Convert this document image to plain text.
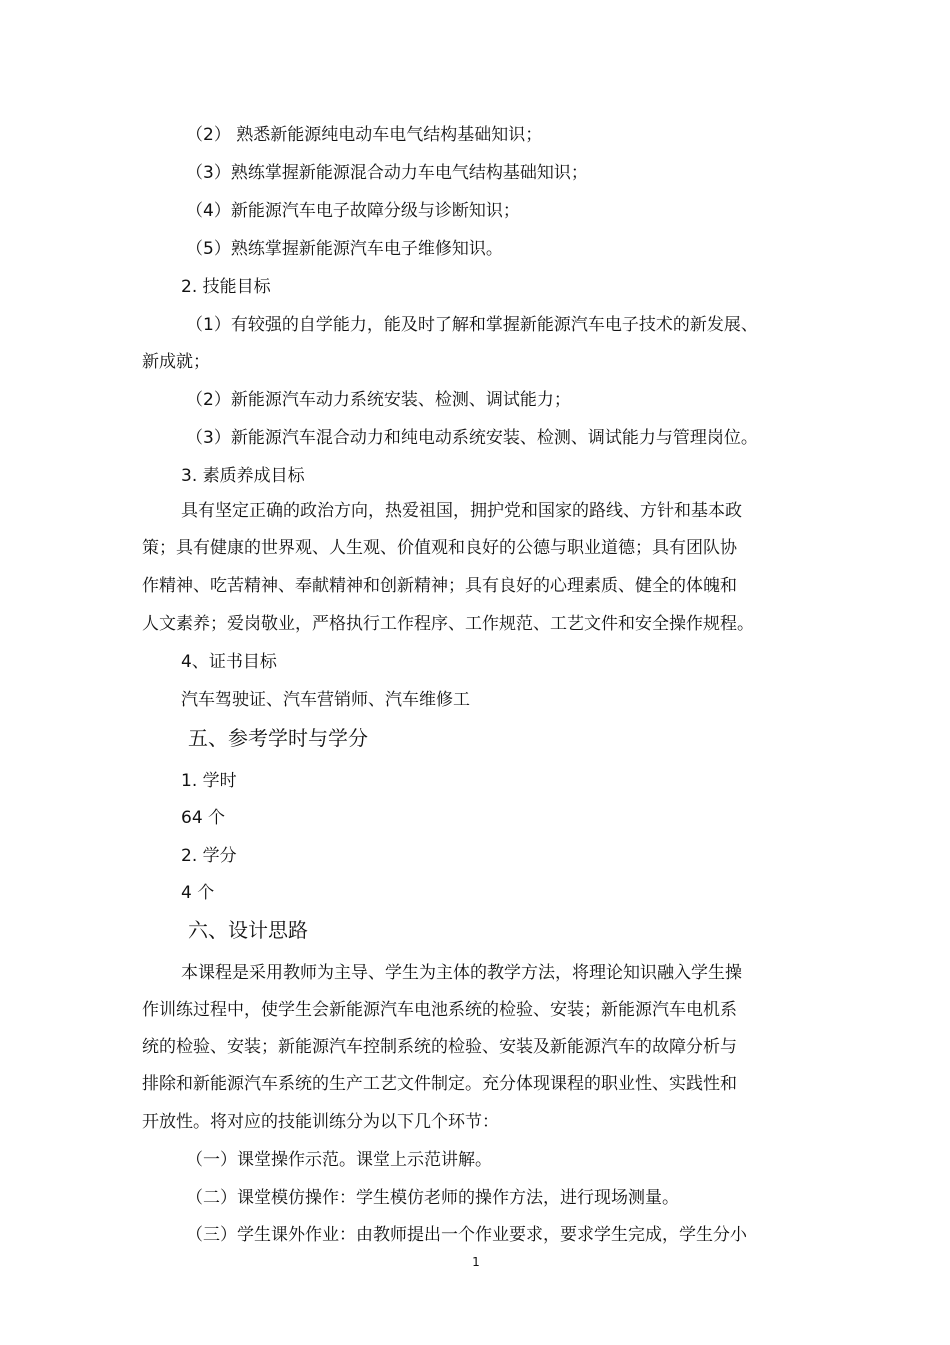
（2） 熟悉新能源纯电动车电气结构基础知识；

（3）熟练掌握新能源混合动力车电气结构基础知识；

（4）新能源汽车电子故障分级与诊断知识；

（5）熟练掌握新能源汽车电子维修知识。

2. 技能目标

（1）有较强的自学能力，能及时了解和掌握新能源汽车电子技术的新发展、

新成就；

（2）新能源汽车动力系统安装、检测、调试能力；

（3）新能源汽车混合动力和纯电动系统安装、检测、调试能力与管理岗位。

3. 素质养成目标

具有坚定正确的政治方向，热爱祖国，拥护党和国家的路线、方针和基本政

策；具有健康的世界观、人生观、价值观和良好的公德与职业道德；具有团队协

作精神、吃苦精神、奉献精神和创新精神；具有良好的心理素质、健全的体魄和

人文素养；爱岗敬业，严格执行工作程序、工作规范、工艺文件和安全操作规程。

4、证书目标

汽车驾驶证、汽车营销师、汽车维修工

五、参考学时与学分

1. 学时

64 个

2. 学分

4 个

六、设计思路

本课程是采用教师为主导、学生为主体的教学方法，将理论知识融入学生操

作训练过程中，使学生会新能源汽车电池系统的检验、安装；新能源汽车电机系

统的检验、安装；新能源汽车控制系统的检验、安装及新能源汽车的故障分析与

排除和新能源汽车系统的生产工艺文件制定。充分体现课程的职业性、实践性和

开放性。将对应的技能训练分为以下几个环节：

（一）课堂操作示范。课堂上示范讲解。

（二）课堂模仿操作：学生模仿老师的操作方法，进行现场测量。

（三）学生课外作业：由教师提出一个作业要求，要求学生完成，学生分小

1
